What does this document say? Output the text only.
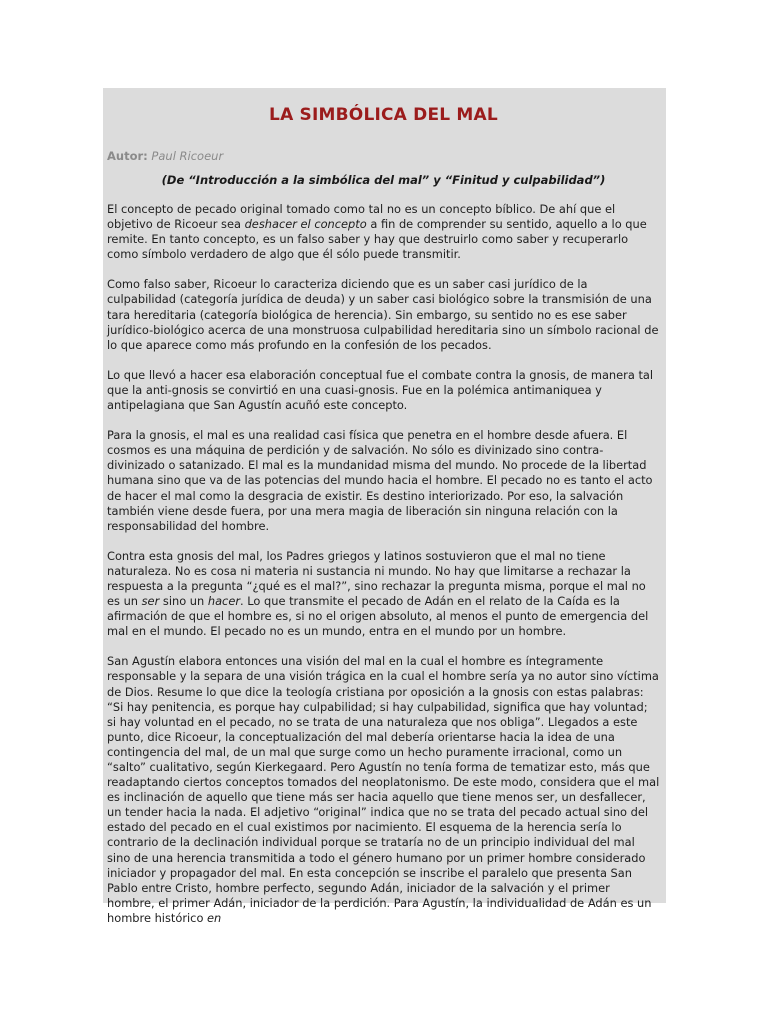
LA SIMBÓLICA DEL MAL
Autor: Paul Ricoeur
(De “Introducción a la simbólica del mal” y “Finitud y culpabilidad”)

El concepto de pecado original tomado como tal no es un concepto bíblico. De ahí que el objetivo de Ricoeur sea deshacer el concepto a fin de comprender su sentido, aquello a lo que remite. En tanto concepto, es un falso saber y hay que destruirlo como saber y recuperarlo como símbolo verdadero de algo que él sólo puede transmitir.

Como falso saber, Ricoeur lo caracteriza diciendo que es un saber casi jurídico de la culpabilidad (categoría jurídica de deuda) y un saber casi biológico sobre la transmisión de una tara hereditaria (categoría biológica de herencia). Sin embargo, su sentido no es ese saber jurídico-biológico acerca de una monstruosa culpabilidad hereditaria sino un símbolo racional de lo que aparece como más profundo en la confesión de los pecados.

Lo que llevó a hacer esa elaboración conceptual fue el combate contra la gnosis, de manera tal que la anti-gnosis se convirtió en una cuasi-gnosis. Fue en la polémica antimaniquea y antipelagiana que San Agustín acuñó este concepto.

Para la gnosis, el mal es una realidad casi física que penetra en el hombre desde afuera. El cosmos es una máquina de perdición y de salvación. No sólo es divinizado sino contra-divinizado o satanizado. El mal es la mundanidad misma del mundo. No procede de la libertad humana sino que va de las potencias del mundo hacia el hombre. El pecado no es tanto el acto de hacer el mal como la desgracia de existir. Es destino interiorizado. Por eso, la salvación también viene desde fuera, por una mera magia de liberación sin ninguna relación con la responsabilidad del hombre.

Contra esta gnosis del mal, los Padres griegos y latinos sostuvieron que el mal no tiene naturaleza. No es cosa ni materia ni sustancia ni mundo. No hay que limitarse a rechazar la respuesta a la pregunta “¿qué es el mal?”, sino rechazar la pregunta misma, porque el mal no es un ser sino un hacer. Lo que transmite el pecado de Adán en el relato de la Caída es la afirmación de que el hombre es, si no el origen absoluto, al menos el punto de emergencia del mal en el mundo. El pecado no es un mundo, entra en el mundo por un hombre.

San Agustín elabora entonces una visión del mal en la cual el hombre es íntegramente responsable y la separa de una visión trágica en la cual el hombre sería ya no autor sino víctima de Dios. Resume lo que dice la teología cristiana por oposición a la gnosis con estas palabras: “Si hay penitencia, es porque hay culpabilidad; si hay culpabilidad, significa que hay voluntad; si hay voluntad en el pecado, no se trata de una naturaleza que nos obliga”. Llegados a este punto, dice Ricoeur, la conceptualización del mal debería orientarse hacia la idea de una contingencia del mal, de un mal que surge como un hecho puramente irracional, como un “salto” cualitativo, según Kierkegaard. Pero Agustín no tenía forma de tematizar esto, más que readaptando ciertos conceptos tomados del neoplatonismo. De este modo, considera que el mal es inclinación de aquello que tiene más ser hacia aquello que tiene menos ser, un desfallecer, un tender hacia la nada. El adjetivo “original” indica que no se trata del pecado actual sino del estado del pecado en el cual existimos por nacimiento. El esquema de la herencia sería lo contrario de la declinación individual porque se trataría no de un principio individual del mal sino de una herencia transmitida a todo el género humano por un primer hombre considerado iniciador y propagador del mal. En esta concepción se inscribe el paralelo que presenta San Pablo entre Cristo, hombre perfecto, segundo Adán, iniciador de la salvación y el primer hombre, el primer Adán, iniciador de la perdición. Para Agustín, la individualidad de Adán es un hombre histórico en
